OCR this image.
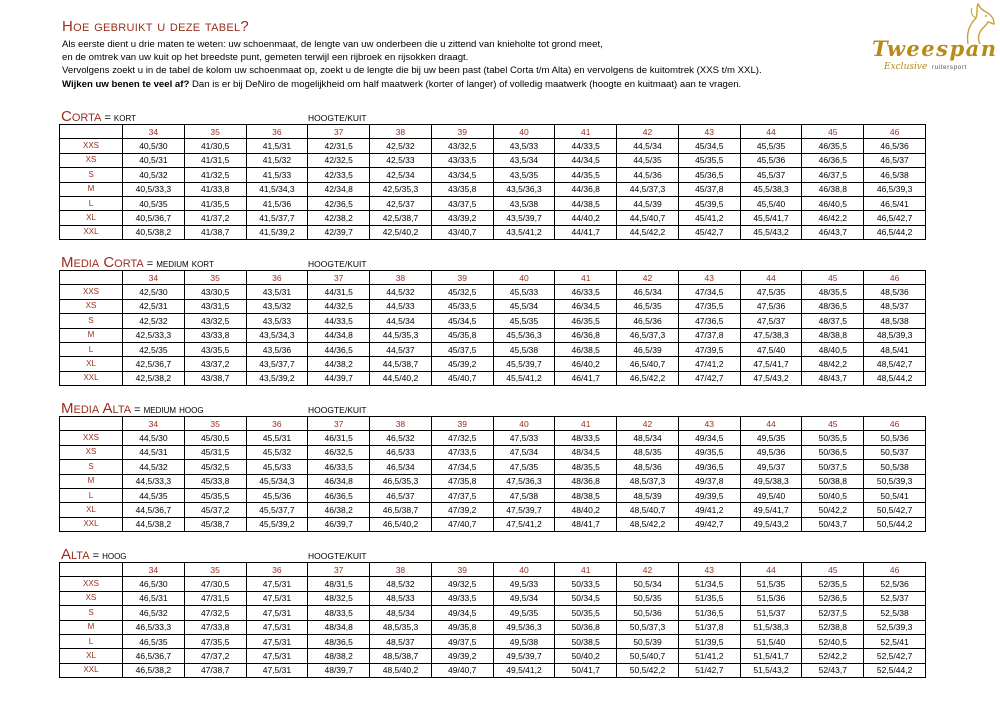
Hoe gebruikt u deze tabel?

Als eerste dient u drie maten te weten: uw schoenmaat, de lengte van uw onderbeen die u zittend van knieholte tot grond meet,

en de omtrek van uw kuit op het breedste punt, gemeten terwijl een rijbroek en rijsokken draagt.

Vervolgens zoekt u in de tabel de kolom uw schoenmaat op, zoekt u de lengte die bij uw been past (tabel Corta t/m Alta) en vervolgens de kuitomtrek (XXS t/m XXL).

Wijken uw benen te veel af? Dan is er bij DeNiro de mogelijkheid om half maatwerk (korter of langer) of volledig maatwerk (hoogte en kuitmaat) aan te vragen.

Tweespan
Exclusive ruitersport
Corta = kort	HOOGTE/KUIT
	34	35	36	37	38	39	40	41	42	43	44	45	46
XXS	40,5/30	41/30,5	41,5/31	42/31,5	42,5/32	43/32,5	43,5/33	44/33,5	44,5/34	45/34,5	45,5/35	46/35,5	46,5/36
XS	40,5/31	41/31,5	41,5/32	42/32,5	42,5/33	43/33,5	43,5/34	44/34,5	44,5/35	45/35,5	45,5/36	46/36,5	46,5/37
S	40,5/32	41/32,5	41,5/33	42/33,5	42,5/34	43/34,5	43,5/35	44/35,5	44,5/36	45/36,5	45,5/37	46/37,5	46,5/38
M	40,5/33,3	41/33,8	41,5/34,3	42/34,8	42,5/35,3	43/35,8	43,5/36,3	44/36,8	44,5/37,3	45/37,8	45,5/38,3	46/38,8	46,5/39,3
L	40,5/35	41/35,5	41,5/36	42/36,5	42,5/37	43/37,5	43,5/38	44/38,5	44,5/39	45/39,5	45,5/40	46/40,5	46,5/41
XL	40,5/36,7	41/37,2	41,5/37,7	42/38,2	42,5/38,7	43/39,2	43,5/39,7	44/40,2	44,5/40,7	45/41,2	45,5/41,7	46/42,2	46,5/42,7
XXL	40,5/38,2	41/38,7	41,5/39,2	42/39,7	42,5/40,2	43/40,7	43,5/41,2	44/41,7	44,5/42,2	45/42,7	45,5/43,2	46/43,7	46,5/44,2
Media Corta = medium kort	HOOGTE/KUIT
	34	35	36	37	38	39	40	41	42	43	44	45	46
XXS	42,5/30	43/30,5	43,5/31	44/31,5	44,5/32	45/32,5	45,5/33	46/33,5	46,5/34	47/34,5	47,5/35	48/35,5	48,5/36
XS	42,5/31	43/31,5	43,5/32	44/32,5	44,5/33	45/33,5	45,5/34	46/34,5	46,5/35	47/35,5	47,5/36	48/36,5	48,5/37
S	42,5/32	43/32,5	43,5/33	44/33,5	44,5/34	45/34,5	45,5/35	46/35,5	46,5/36	47/36,5	47,5/37	48/37,5	48,5/38
M	42,5/33,3	43/33,8	43,5/34,3	44/34,8	44,5/35,3	45/35,8	45,5/36,3	46/36,8	46,5/37,3	47/37,8	47,5/38,3	48/38,8	48,5/39,3
L	42,5/35	43/35,5	43,5/36	44/36,5	44,5/37	45/37,5	45,5/38	46/38,5	46,5/39	47/39,5	47,5/40	48/40,5	48,5/41
XL	42,5/36,7	43/37,2	43,5/37,7	44/38,2	44,5/38,7	45/39,2	45,5/39,7	46/40,2	46,5/40,7	47/41,2	47,5/41,7	48/42,2	48,5/42,7
XXL	42,5/38,2	43/38,7	43,5/39,2	44/39,7	44,5/40,2	45/40,7	45,5/41,2	46/41,7	46,5/42,2	47/42,7	47,5/43,2	48/43,7	48,5/44,2
Media Alta = medium hoog	HOOGTE/KUIT
	34	35	36	37	38	39	40	41	42	43	44	45	46
XXS	44,5/30	45/30,5	45,5/31	46/31,5	46,5/32	47/32,5	47,5/33	48/33,5	48,5/34	49/34,5	49,5/35	50/35,5	50,5/36
XS	44,5/31	45/31,5	45,5/32	46/32,5	46,5/33	47/33,5	47,5/34	48/34,5	48,5/35	49/35,5	49,5/36	50/36,5	50,5/37
S	44,5/32	45/32,5	45,5/33	46/33,5	46,5/34	47/34,5	47,5/35	48/35,5	48,5/36	49/36,5	49,5/37	50/37,5	50,5/38
M	44,5/33,3	45/33,8	45,5/34,3	46/34,8	46,5/35,3	47/35,8	47,5/36,3	48/36,8	48,5/37,3	49/37,8	49,5/38,3	50/38,8	50,5/39,3
L	44,5/35	45/35,5	45,5/36	46/36,5	46,5/37	47/37,5	47,5/38	48/38,5	48,5/39	49/39,5	49,5/40	50/40,5	50,5/41
XL	44,5/36,7	45/37,2	45,5/37,7	46/38,2	46,5/38,7	47/39,2	47,5/39,7	48/40,2	48,5/40,7	49/41,2	49,5/41,7	50/42,2	50,5/42,7
XXL	44,5/38,2	45/38,7	45,5/39,2	46/39,7	46,5/40,2	47/40,7	47,5/41,2	48/41,7	48,5/42,2	49/42,7	49,5/43,2	50/43,7	50,5/44,2
Alta = hoog	HOOGTE/KUIT
	34	35	36	37	38	39	40	41	42	43	44	45	46
XXS	46,5/30	47/30,5	47,5/31	48/31,5	48,5/32	49/32,5	49,5/33	50/33,5	50,5/34	51/34,5	51,5/35	52/35,5	52,5/36
XS	46,5/31	47/31,5	47,5/31	48/32,5	48,5/33	49/33,5	49,5/34	50/34,5	50,5/35	51/35,5	51,5/36	52/36,5	52,5/37
S	46,5/32	47/32,5	47,5/31	48/33,5	48,5/34	49/34,5	49,5/35	50/35,5	50,5/36	51/36,5	51,5/37	52/37,5	52,5/38
M	46,5/33,3	47/33,8	47,5/31	48/34,8	48,5/35,3	49/35,8	49,5/36,3	50/36,8	50,5/37,3	51/37,8	51,5/38,3	52/38,8	52,5/39,3
L	46,5/35	47/35,5	47,5/31	48/36,5	48,5/37	49/37,5	49,5/38	50/38,5	50,5/39	51/39,5	51,5/40	52/40,5	52,5/41
XL	46,5/36,7	47/37,2	47,5/31	48/38,2	48,5/38,7	49/39,2	49,5/39,7	50/40,2	50,5/40,7	51/41,2	51,5/41,7	52/42,2	52,5/42,7
XXL	46,5/38,2	47/38,7	47,5/31	48/39,7	48,5/40,2	49/40,7	49,5/41,2	50/41,7	50,5/42,2	51/42,7	51,5/43,2	52/43,7	52,5/44,2
